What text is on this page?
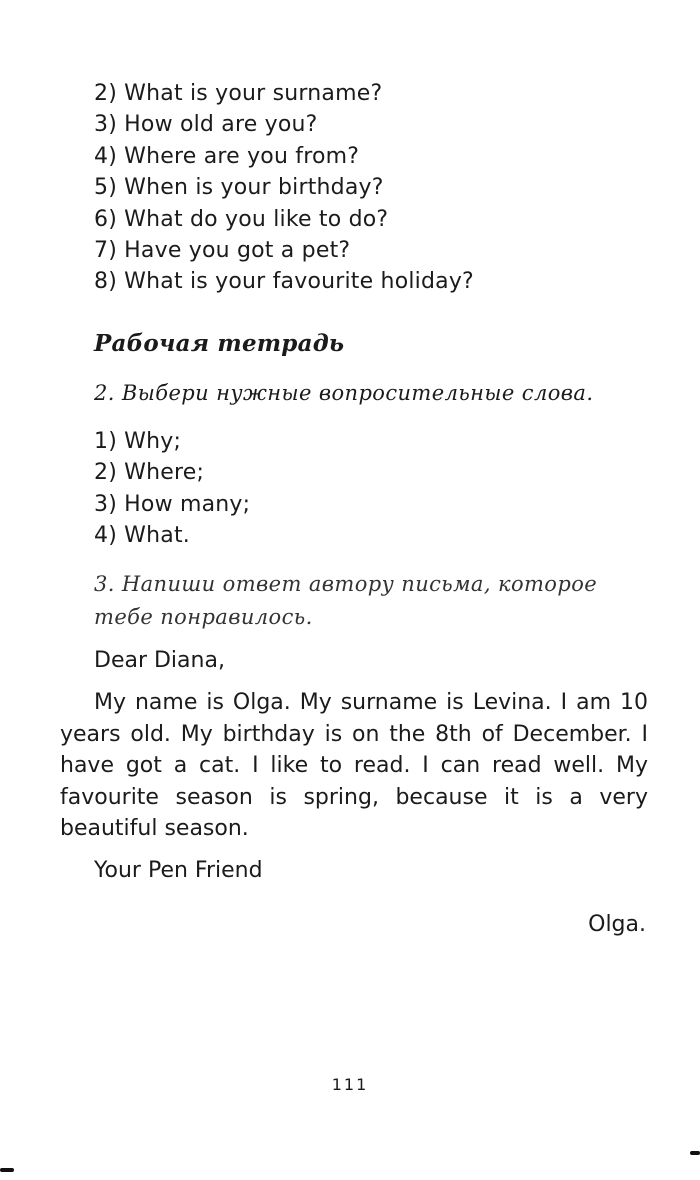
2) What is your surname?
3) How old are you?
4) Where are you from?
5) When is your birthday?
6) What do you like to do?
7) Have you got a pet?
8) What is your favourite holiday?
Рабочая тетрадь

2. Выбери нужные вопросительные слова.

1) Why;
2) Where;
3) How many;
4) What.

3. Напиши ответ автору письма, которое тебе понравилось.

Dear Diana,

My name is Olga. My surname is Levina. I am 10 years old. My birthday is on the 8th of December. I have got a cat. I like to read. I can read well. My favourite season is spring, because it is a very beautiful season.

Your Pen Friend

Olga.

111
